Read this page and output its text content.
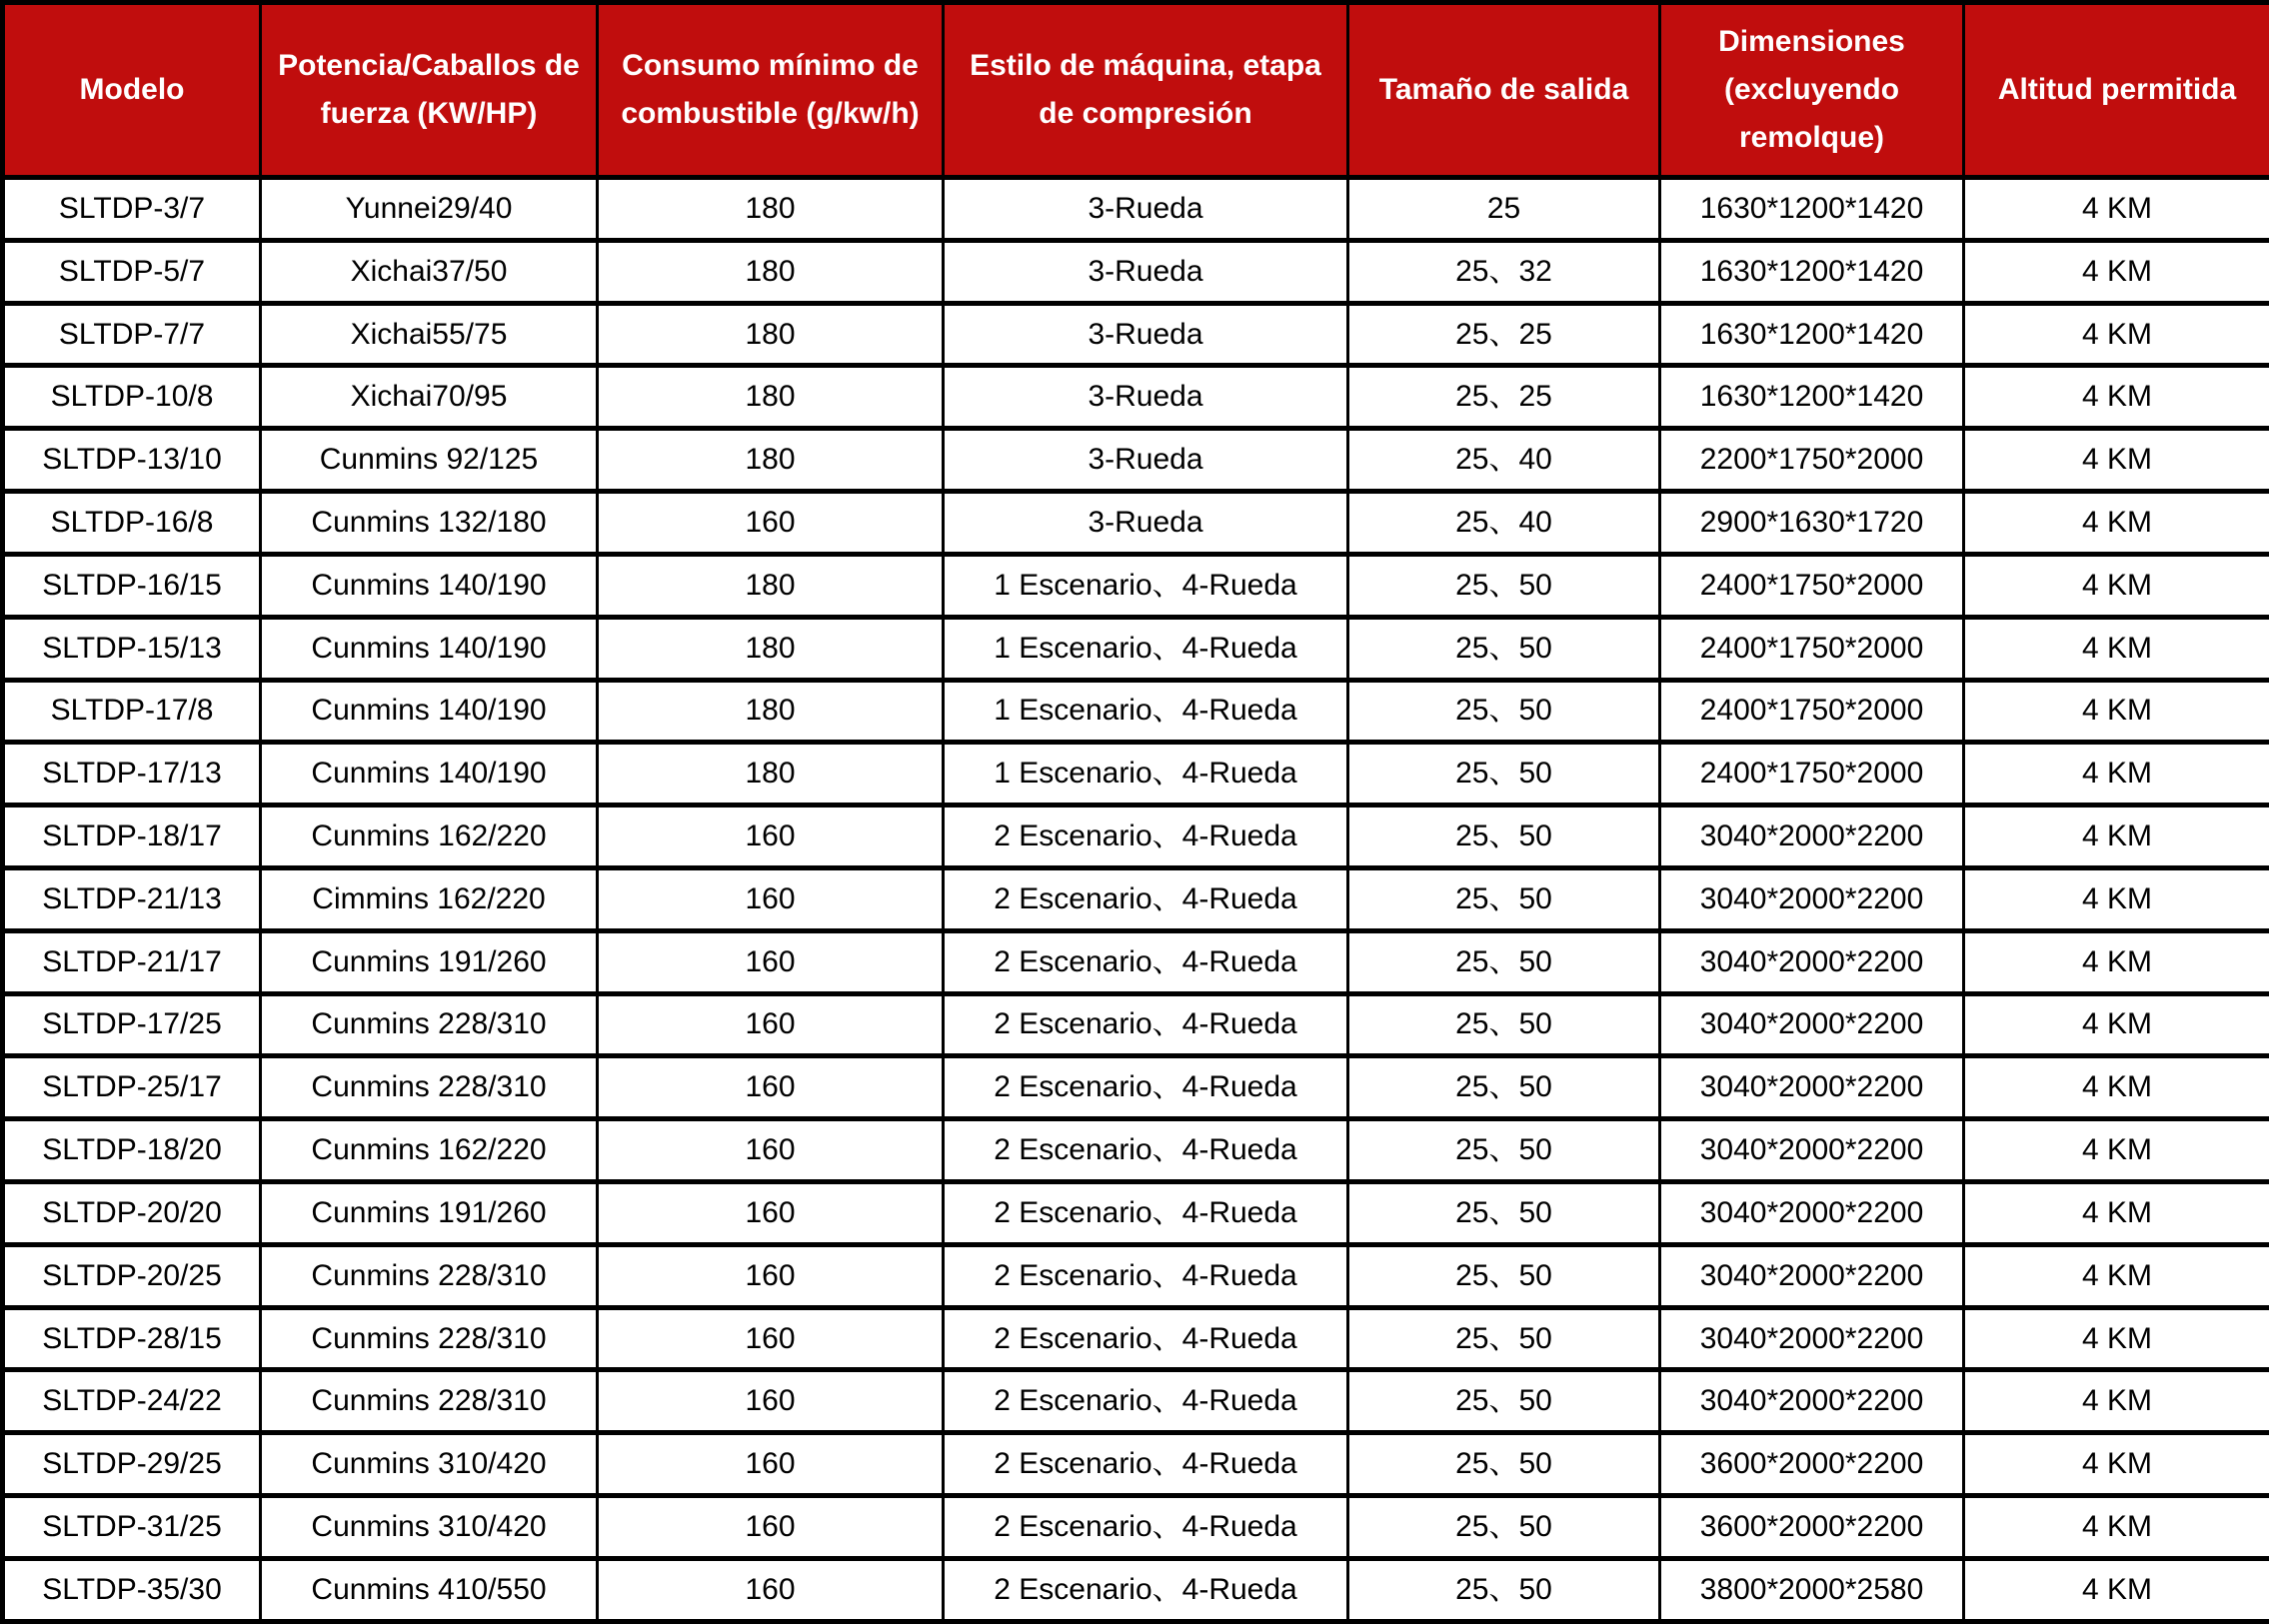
Modelo	Potencia/Caballos de fuerza (KW/HP)	Consumo mínimo de combustible (g/kw/h)	Estilo de máquina, etapa de compresión	Tamaño de salida	Dimensiones (excluyendo remolque)	Altitud permitida
SLTDP-3/7	Yunnei29/40	180	3-Rueda	25	1630*1200*1420	4 KM
SLTDP-5/7	Xichai37/50	180	3-Rueda	25、32	1630*1200*1420	4 KM
SLTDP-7/7	Xichai55/75	180	3-Rueda	25、25	1630*1200*1420	4 KM
SLTDP-10/8	Xichai70/95	180	3-Rueda	25、25	1630*1200*1420	4 KM
SLTDP-13/10	Cunmins 92/125	180	3-Rueda	25、40	2200*1750*2000	4 KM
SLTDP-16/8	Cunmins 132/180	160	3-Rueda	25、40	2900*1630*1720	4 KM
SLTDP-16/15	Cunmins 140/190	180	1 Escenario、4-Rueda	25、50	2400*1750*2000	4 KM
SLTDP-15/13	Cunmins 140/190	180	1 Escenario、4-Rueda	25、50	2400*1750*2000	4 KM
SLTDP-17/8	Cunmins 140/190	180	1 Escenario、4-Rueda	25、50	2400*1750*2000	4 KM
SLTDP-17/13	Cunmins 140/190	180	1 Escenario、4-Rueda	25、50	2400*1750*2000	4 KM
SLTDP-18/17	Cunmins 162/220	160	2 Escenario、4-Rueda	25、50	3040*2000*2200	4 KM
SLTDP-21/13	Cimmins 162/220	160	2 Escenario、4-Rueda	25、50	3040*2000*2200	4 KM
SLTDP-21/17	Cunmins 191/260	160	2 Escenario、4-Rueda	25、50	3040*2000*2200	4 KM
SLTDP-17/25	Cunmins 228/310	160	2 Escenario、4-Rueda	25、50	3040*2000*2200	4 KM
SLTDP-25/17	Cunmins 228/310	160	2 Escenario、4-Rueda	25、50	3040*2000*2200	4 KM
SLTDP-18/20	Cunmins 162/220	160	2 Escenario、4-Rueda	25、50	3040*2000*2200	4 KM
SLTDP-20/20	Cunmins 191/260	160	2 Escenario、4-Rueda	25、50	3040*2000*2200	4 KM
SLTDP-20/25	Cunmins 228/310	160	2 Escenario、4-Rueda	25、50	3040*2000*2200	4 KM
SLTDP-28/15	Cunmins 228/310	160	2 Escenario、4-Rueda	25、50	3040*2000*2200	4 KM
SLTDP-24/22	Cunmins 228/310	160	2 Escenario、4-Rueda	25、50	3040*2000*2200	4 KM
SLTDP-29/25	Cunmins 310/420	160	2 Escenario、4-Rueda	25、50	3600*2000*2200	4 KM
SLTDP-31/25	Cunmins 310/420	160	2 Escenario、4-Rueda	25、50	3600*2000*2200	4 KM
SLTDP-35/30	Cunmins 410/550	160	2 Escenario、4-Rueda	25、50	3800*2000*2580	4 KM
